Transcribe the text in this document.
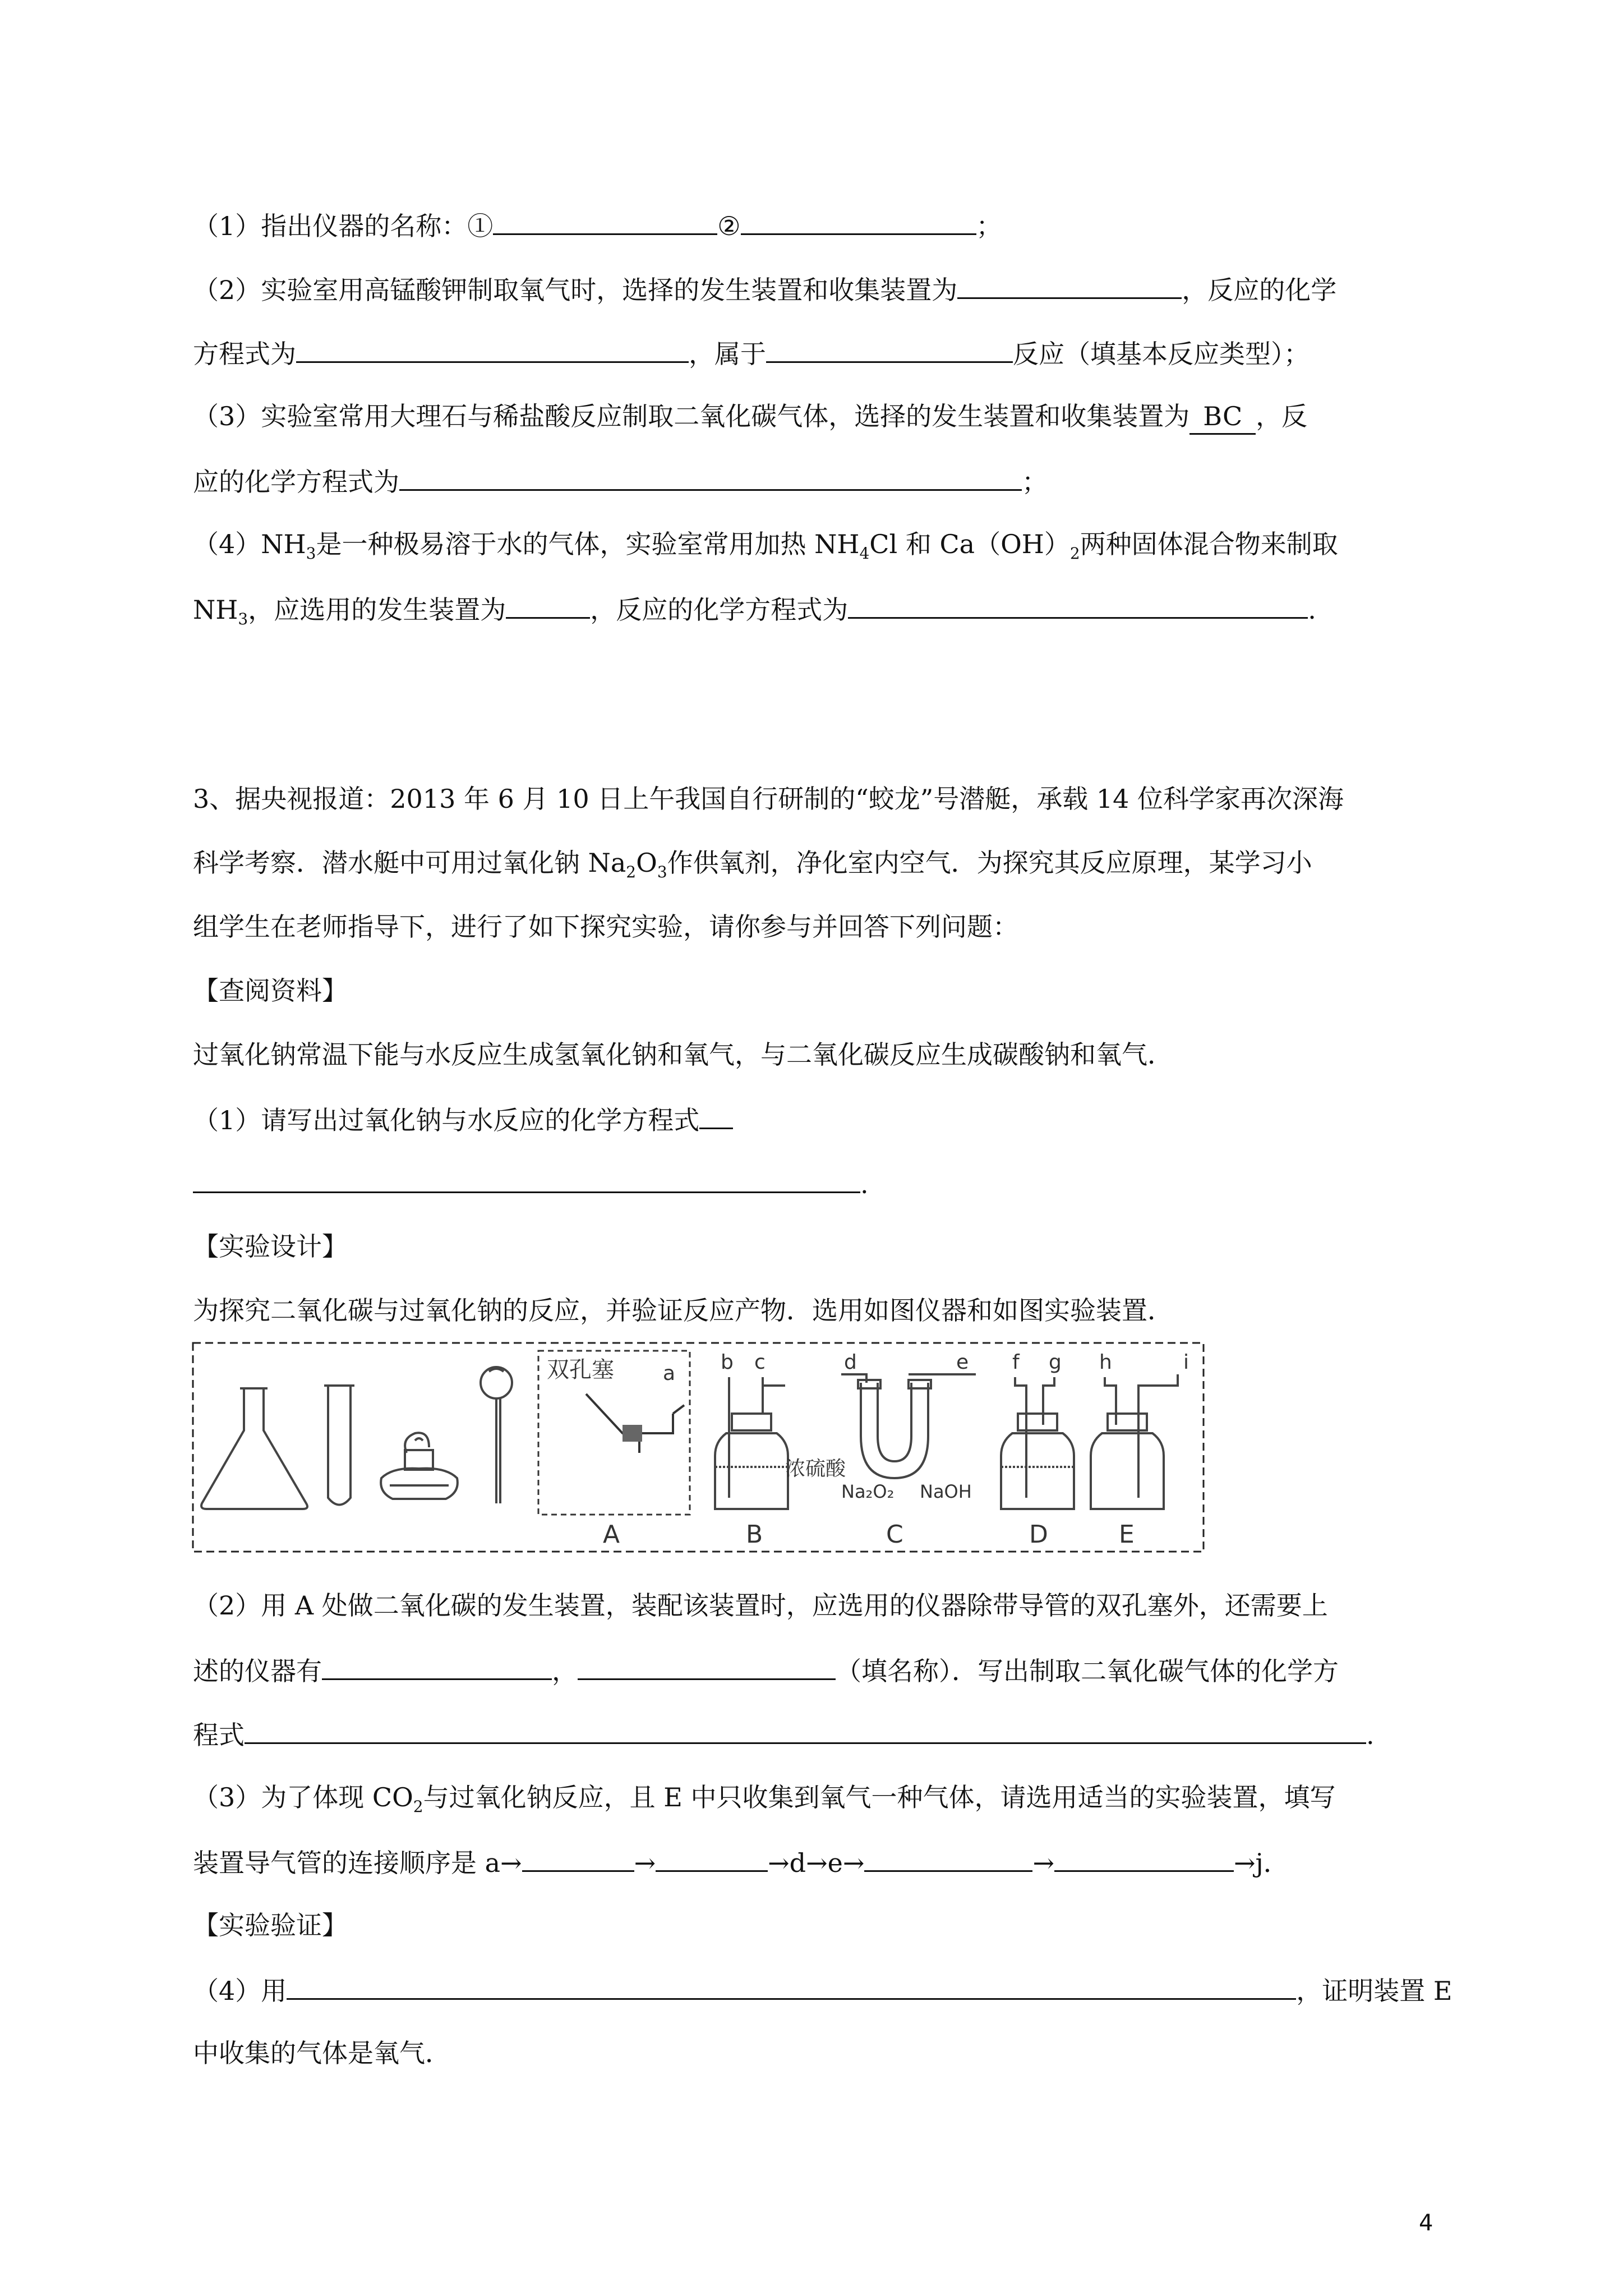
（1）指出仪器的名称：①	②	；
（2）实验室用高锰酸钾制取氧气时，选择的发生装置和收集装置为	，反应的化学
方程式为	，属于	反应（填基本反应类型）；
（3）实验室常用大理石与稀盐酸反应制取二氧化碳气体，选择的发生装置和收集装置为 BC ，反
应的化学方程式为	；
$(4)NH_3$是一种极易溶于水的气体，实验室常用加热 $NH_4Cl$ 和 $Ca(OH)_2$两种固体混合物来制取
$NH_3$，应选用的发生装置为	，反应的化学方程式为	.
3、据央视报道：2013 年 6 月 10 日上午我国自行研制的“蛟龙”号潜艇，承载 14 位科学家再次深海
科学考察．潜水艇中可用过氧化钠 $Na_2O_3$作供氧剂，净化室内空气．为探究其反应原理，某学习小
组学生在老师指导下，进行了如下探究实验，请你参与并回答下列问题：
【查阅资料】
过氧化钠常温下能与水反应生成氢氧化钠和氧气，与二氧化碳反应生成碳酸钠和氧气．
（1）请写出过氧化钠与水反应的化学方程式
.
【实验设计】
为探究二氧化碳与过氧化钠的反应，并验证反应产物．选用如图仪器和如图实验装置．
双孔塞 a
A
b c
浓硫酸
B
d	e
Na₂O₂ NaOH
C
f g
D
h	i
E
（2）用 A 处做二氧化碳的发生装置，装配该装置时，应选用的仪器除带导管的双孔塞外，还需要上
述的仪器有	，	（填名称）．写出制取二氧化碳气体的化学方
程式	.
（3）为了体现 $CO_2$与过氧化钠反应，且 E 中只收集到氧气一种气体，请选用适当的实验装置，填写
装置导气管的连接顺序是 a→	→	→d→e→	→	→j．
【实验验证】
（4）用	，证明装置 E
中收集的气体是氧气．
4
